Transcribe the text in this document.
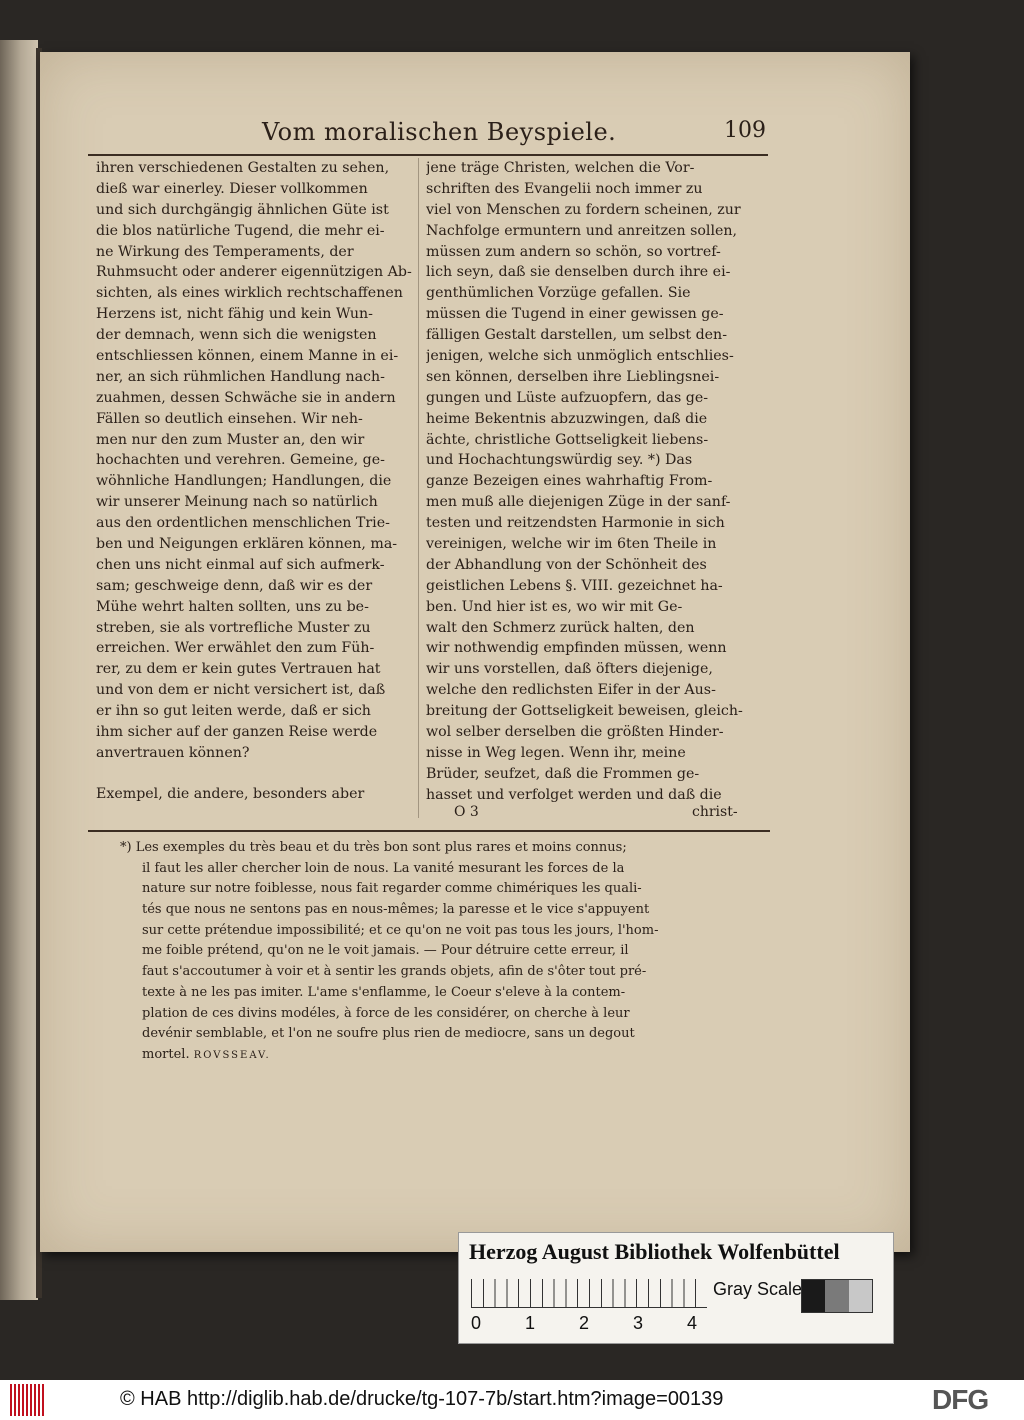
Vom moralischen Beyspiele.	109
ihren verschiedenen Gestalten zu sehen,
dieß war einerley. Dieser vollkommen
und sich durchgängig ähnlichen Güte ist
die blos natürliche Tugend, die mehr ei-
ne Wirkung des Temperaments, der
Ruhmsucht oder anderer eigennützigen Ab-
sichten, als eines wirklich rechtschaffenen
Herzens ist, nicht fähig und kein Wun-
der demnach, wenn sich die wenigsten
entschliessen können, einem Manne in ei-
ner, an sich rühmlichen Handlung nach-
zuahmen, dessen Schwäche sie in andern
Fällen so deutlich einsehen. Wir neh-
men nur den zum Muster an, den wir
hochachten und verehren. Gemeine, ge-
wöhnliche Handlungen; Handlungen, die
wir unserer Meinung nach so natürlich
aus den ordentlichen menschlichen Trie-
ben und Neigungen erklären können, ma-
chen uns nicht einmal auf sich aufmerk-
sam; geschweige denn, daß wir es der
Mühe wehrt halten sollten, uns zu be-
streben, sie als vortrefliche Muster zu
erreichen. Wer erwählet den zum Füh-
rer, zu dem er kein gutes Vertrauen hat
und von dem er nicht versichert ist, daß
er ihn so gut leiten werde, daß er sich
ihm sicher auf der ganzen Reise werde
anvertrauen können?
Exempel, die andere, besonders aber
jene träge Christen, welchen die Vor-
schriften des Evangelii noch immer zu
viel von Menschen zu fordern scheinen, zur
Nachfolge ermuntern und anreitzen sollen,
müssen zum andern so schön, so vortref-
lich seyn, daß sie denselben durch ihre ei-
genthümlichen Vorzüge gefallen. Sie
müssen die Tugend in einer gewissen ge-
fälligen Gestalt darstellen, um selbst den-
jenigen, welche sich unmöglich entschlies-
sen können, derselben ihre Lieblingsnei-
gungen und Lüste aufzuopfern, das ge-
heime Bekentnis abzuzwingen, daß die
ächte, christliche Gottseligkeit liebens-
und Hochachtungswürdig sey. *) Das
ganze Bezeigen eines wahrhaftig From-
men muß alle diejenigen Züge in der sanf-
testen und reitzendsten Harmonie in sich
vereinigen, welche wir im 6ten Theile in
der Abhandlung von der Schönheit des
geistlichen Lebens §. VIII. gezeichnet ha-
ben. Und hier ist es, wo wir mit Ge-
walt den Schmerz zurück halten, den
wir nothwendig empfinden müssen, wenn
wir uns vorstellen, daß öfters diejenige,
welche den redlichsten Eifer in der Aus-
breitung der Gottseligkeit beweisen, gleich-
wol selber derselben die größten Hinder-
nisse in Weg legen. Wenn ihr, meine
Brüder, seufzet, daß die Frommen ge-
hasset und verfolget werden und daß die
O 3	christ-
*) Les exemples du très beau et du très bon sont plus rares et moins connus;
il faut les aller chercher loin de nous. La vanité mesurant les forces de la
nature sur notre foiblesse, nous fait regarder comme chimériques les quali-
tés que nous ne sentons pas en nous-mêmes; la paresse et le vice s'appuyent
sur cette prétendue impossibilité; et ce qu'on ne voit pas tous les jours, l'hom-
me foible prétend, qu'on ne le voit jamais. — Pour détruire cette erreur, il
faut s'accoutumer à voir et à sentir les grands objets, afin de s'ôter tout pré-
texte à ne les pas imiter. L'ame s'enflamme, le Coeur s'eleve à la contem-
plation de ces divins modéles, à force de les considérer, on cherche à leur
devénir semblable, et l'on ne soufre plus rien de mediocre, sans un degout
mortel. ROVSSEAV.
Herzog August Bibliothek Wolfenbüttel
0 1 2 3 4
Gray Scale
© HAB http://diglib.hab.de/drucke/tg-107-7b/start.htm?image=00139	DFG
